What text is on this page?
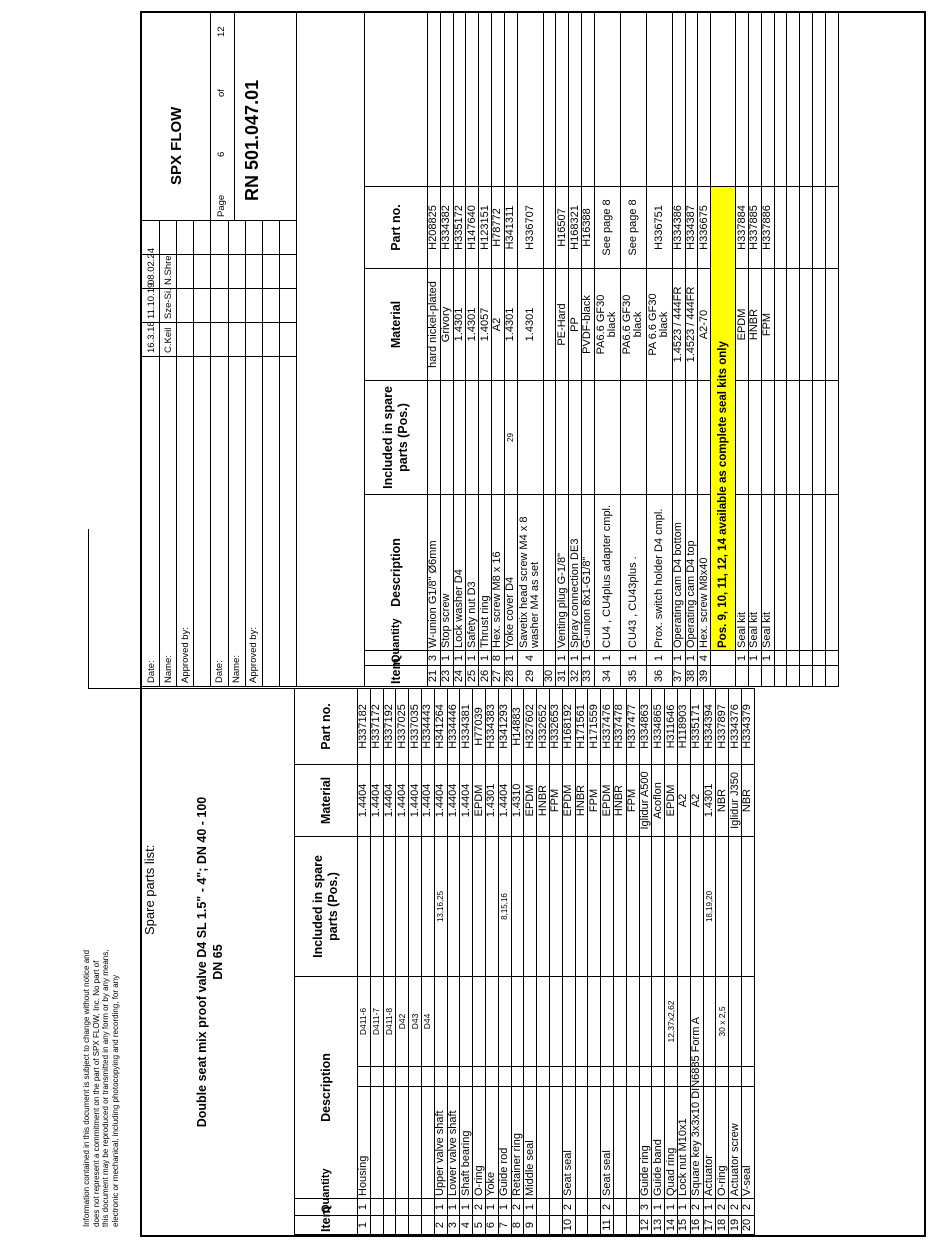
Information contained in this document is subject to change without notice and does not represent a commitment on the part of SPX FLOW, Inc. No part of this document may be reproduced or transmitted in any form or by any means, electronic or mechanical, including photocopying and recording, for any
Spare parts list:	Double seat mix proof valve D4 SL 1.5" - 4"; DN 40 - 100 DN 65
Item	Quantity	Description			Included in spare parts (Pos.)	Material	Part no.
1	1	Housing		D411-6		1.4404	H337182
				D411-7		1.4404	H337172
				D411-8		1.4404	H337192
				D42		1.4404	H337025
				D43		1.4404	H337035
				D44		1.4404	H334443
2	1	Upper valve shaft			13,16,25	1.4404	H341264
3	1	Lower valve shaft				1.4404	H334446
4	1	Shaft bearing				1.4404	H334381
5	2	O-ring				EPDM	H77039
6	1	Yoke				1.4301	H334383
7	1	Guide rod			8,15,16	1.4404	H341293
8	2	Retainer ring				1.4310	H14883
9	1	Middle seal				EPDM	H327602
						HNBR	H332652
						FPM	H332653
10	2	Seat seal				EPDM	H168192
						HNBR	H171561
						FPM	H171559
11	2	Seat seal				EPDM	H337476
						HNBR	H337478
						FPM	H337477
12	3	Guide ring				Iglidur A500	H334863
13	1	Guide band				Acoflon	H334865
14	1	Quad ring		12,37x2,62		EPDM	H311646
15	1	Lock nut M10x1				A2	H118903
16	2	Square key 3x3x10 DIN6885 Form A				A2	H335171
17	1	Actuator			18,19,20	1.4301	H334394
18	2	O-ring		30 x 2,5		NBR	H337897
19	2	Actuator screw				Iglidur J350	H334376
20	2	V-seal				NBR	H334379
Item	Quantity	Description	Included in spare parts (Pos.)	Material	Part no.	
21	3	W-union G1/8" Ø6mm		hard nickel-plated	H208825	
23	1	Stop screw		Grivory	H334382	
24	1	Lock washer D4		1.4301	H335172	
25	1	Safety nut D3		1.4301	H147640	
26	1	Thrust ring		1.4057	H123151	
27	8	Hex. screw M8 x 16		A2	H78772	
28	1	Yoke cover D4	29	1.4301	H341311	
29	4	Savetix head screw M4 x 8 washer M4 as set		1.4301	H336707	
30						
31	1	Venting plug G-1/8"		PE-Hard	H16507	
32	1	Spray connection DE3		PP	H168321	
33	1	G-union 8x1-G1/8"		PVDF-black	H16388	
34	1	CU4 , CU4plus adapter cmpl.		PA6.6 GF30 black	See page 8	
35	1	CU43 , CU43plus .		PA6.6 GF30 black	See page 8	
36	1	Prox. switch holder D4 cmpl.		PA 6.6 GF30 black	H336751	
37	1	Operating cam D4 bottom		1.4523 / 444FR	H334386	
38	1	Operating cam D4 top		1.4523 / 444FR	H334387	
39	4	Hex. screw M8x40		A2-70	H336675	
		Pos. 9, 10, 11, 12, 14 available as complete seal kits only				
	1	Seal kit		EPDM	H337884	
	1	Seal kit		HNBR	H337885	
	1	Seal kit		FPM	H337886	

Date: Name: Approved by:
16.3.18
11.10.19
08.02.24
C.Keil
Sze-Si.
N.Shre
Date: Name: Approved by:
SPX FLOW
Page
6
of
12
RN 501.047.01
